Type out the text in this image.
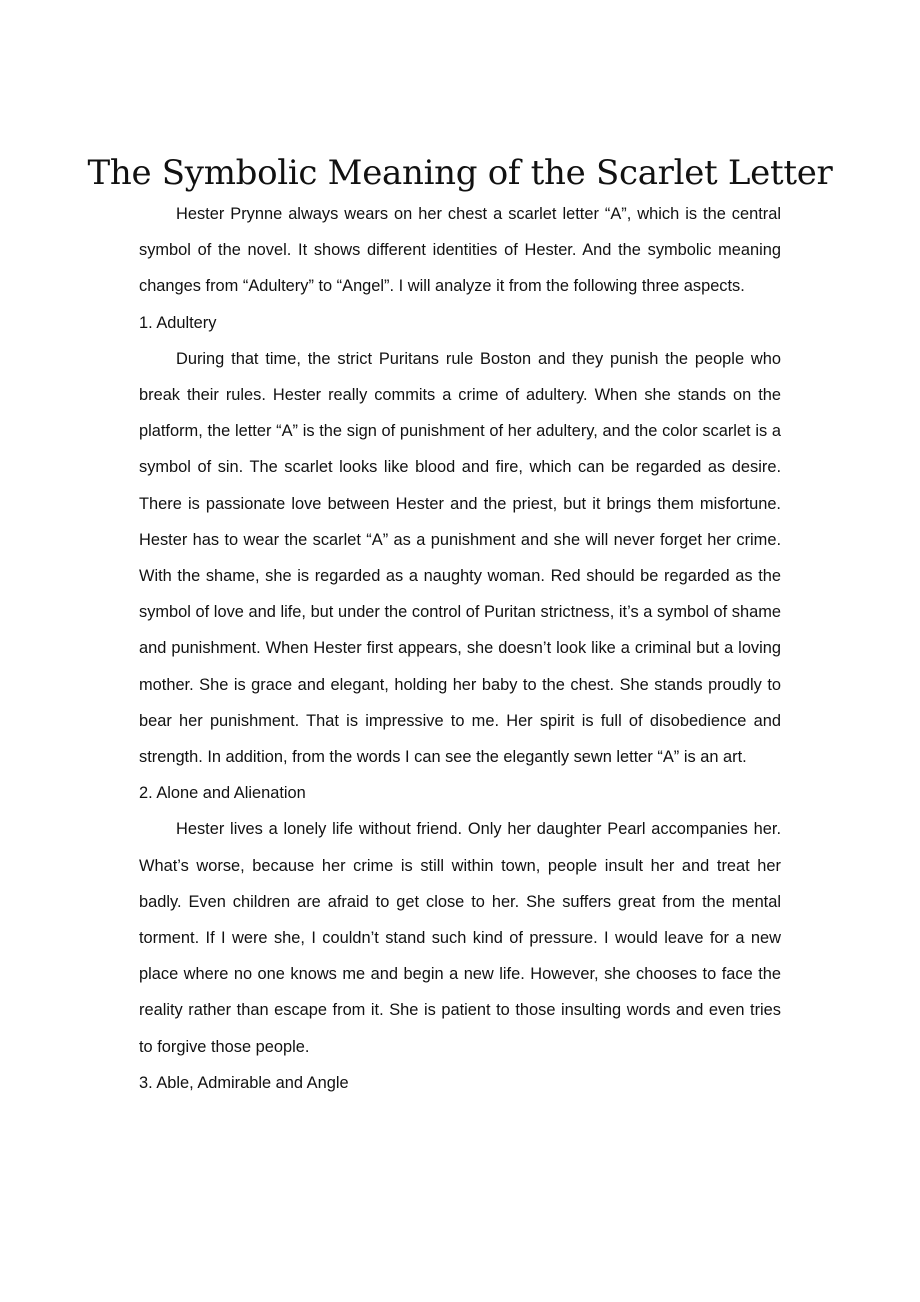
The Symbolic Meaning of the Scarlet Letter

Hester Prynne always wears on her chest a scarlet letter “A”, which is the central symbol of the novel. It shows different identities of Hester. And the symbolic meaning changes from “Adultery” to “Angel”. I will analyze it from the following three aspects.

1. Adultery

During that time, the strict Puritans rule Boston and they punish the people who break their rules. Hester really commits a crime of adultery. When she stands on the platform, the letter “A” is the sign of punishment of her adultery, and the color scarlet is a symbol of sin. The scarlet looks like blood and fire, which can be regarded as desire. There is passionate love between Hester and the priest, but it brings them misfortune. Hester has to wear the scarlet “A” as a punishment and she will never forget her crime. With the shame, she is regarded as a naughty woman. Red should be regarded as the symbol of love and life, but under the control of Puritan strictness, it’s a symbol of shame and punishment. When Hester first appears, she doesn’t look like a criminal but a loving mother. She is grace and elegant, holding her baby to the chest. She stands proudly to bear her punishment. That is impressive to me. Her spirit is full of disobedience and strength. In addition, from the words I can see the elegantly sewn letter “A” is an art.

2. Alone and Alienation

Hester lives a lonely life without friend. Only her daughter Pearl accompanies her. What’s worse, because her crime is still within town, people insult her and treat her badly. Even children are afraid to get close to her. She suffers great from the mental torment. If I were she, I couldn’t stand such kind of pressure. I would leave for a new place where no one knows me and begin a new life. However, she chooses to face the reality rather than escape from it. She is patient to those insulting words and even tries to forgive those people.

3. Able, Admirable and Angle
